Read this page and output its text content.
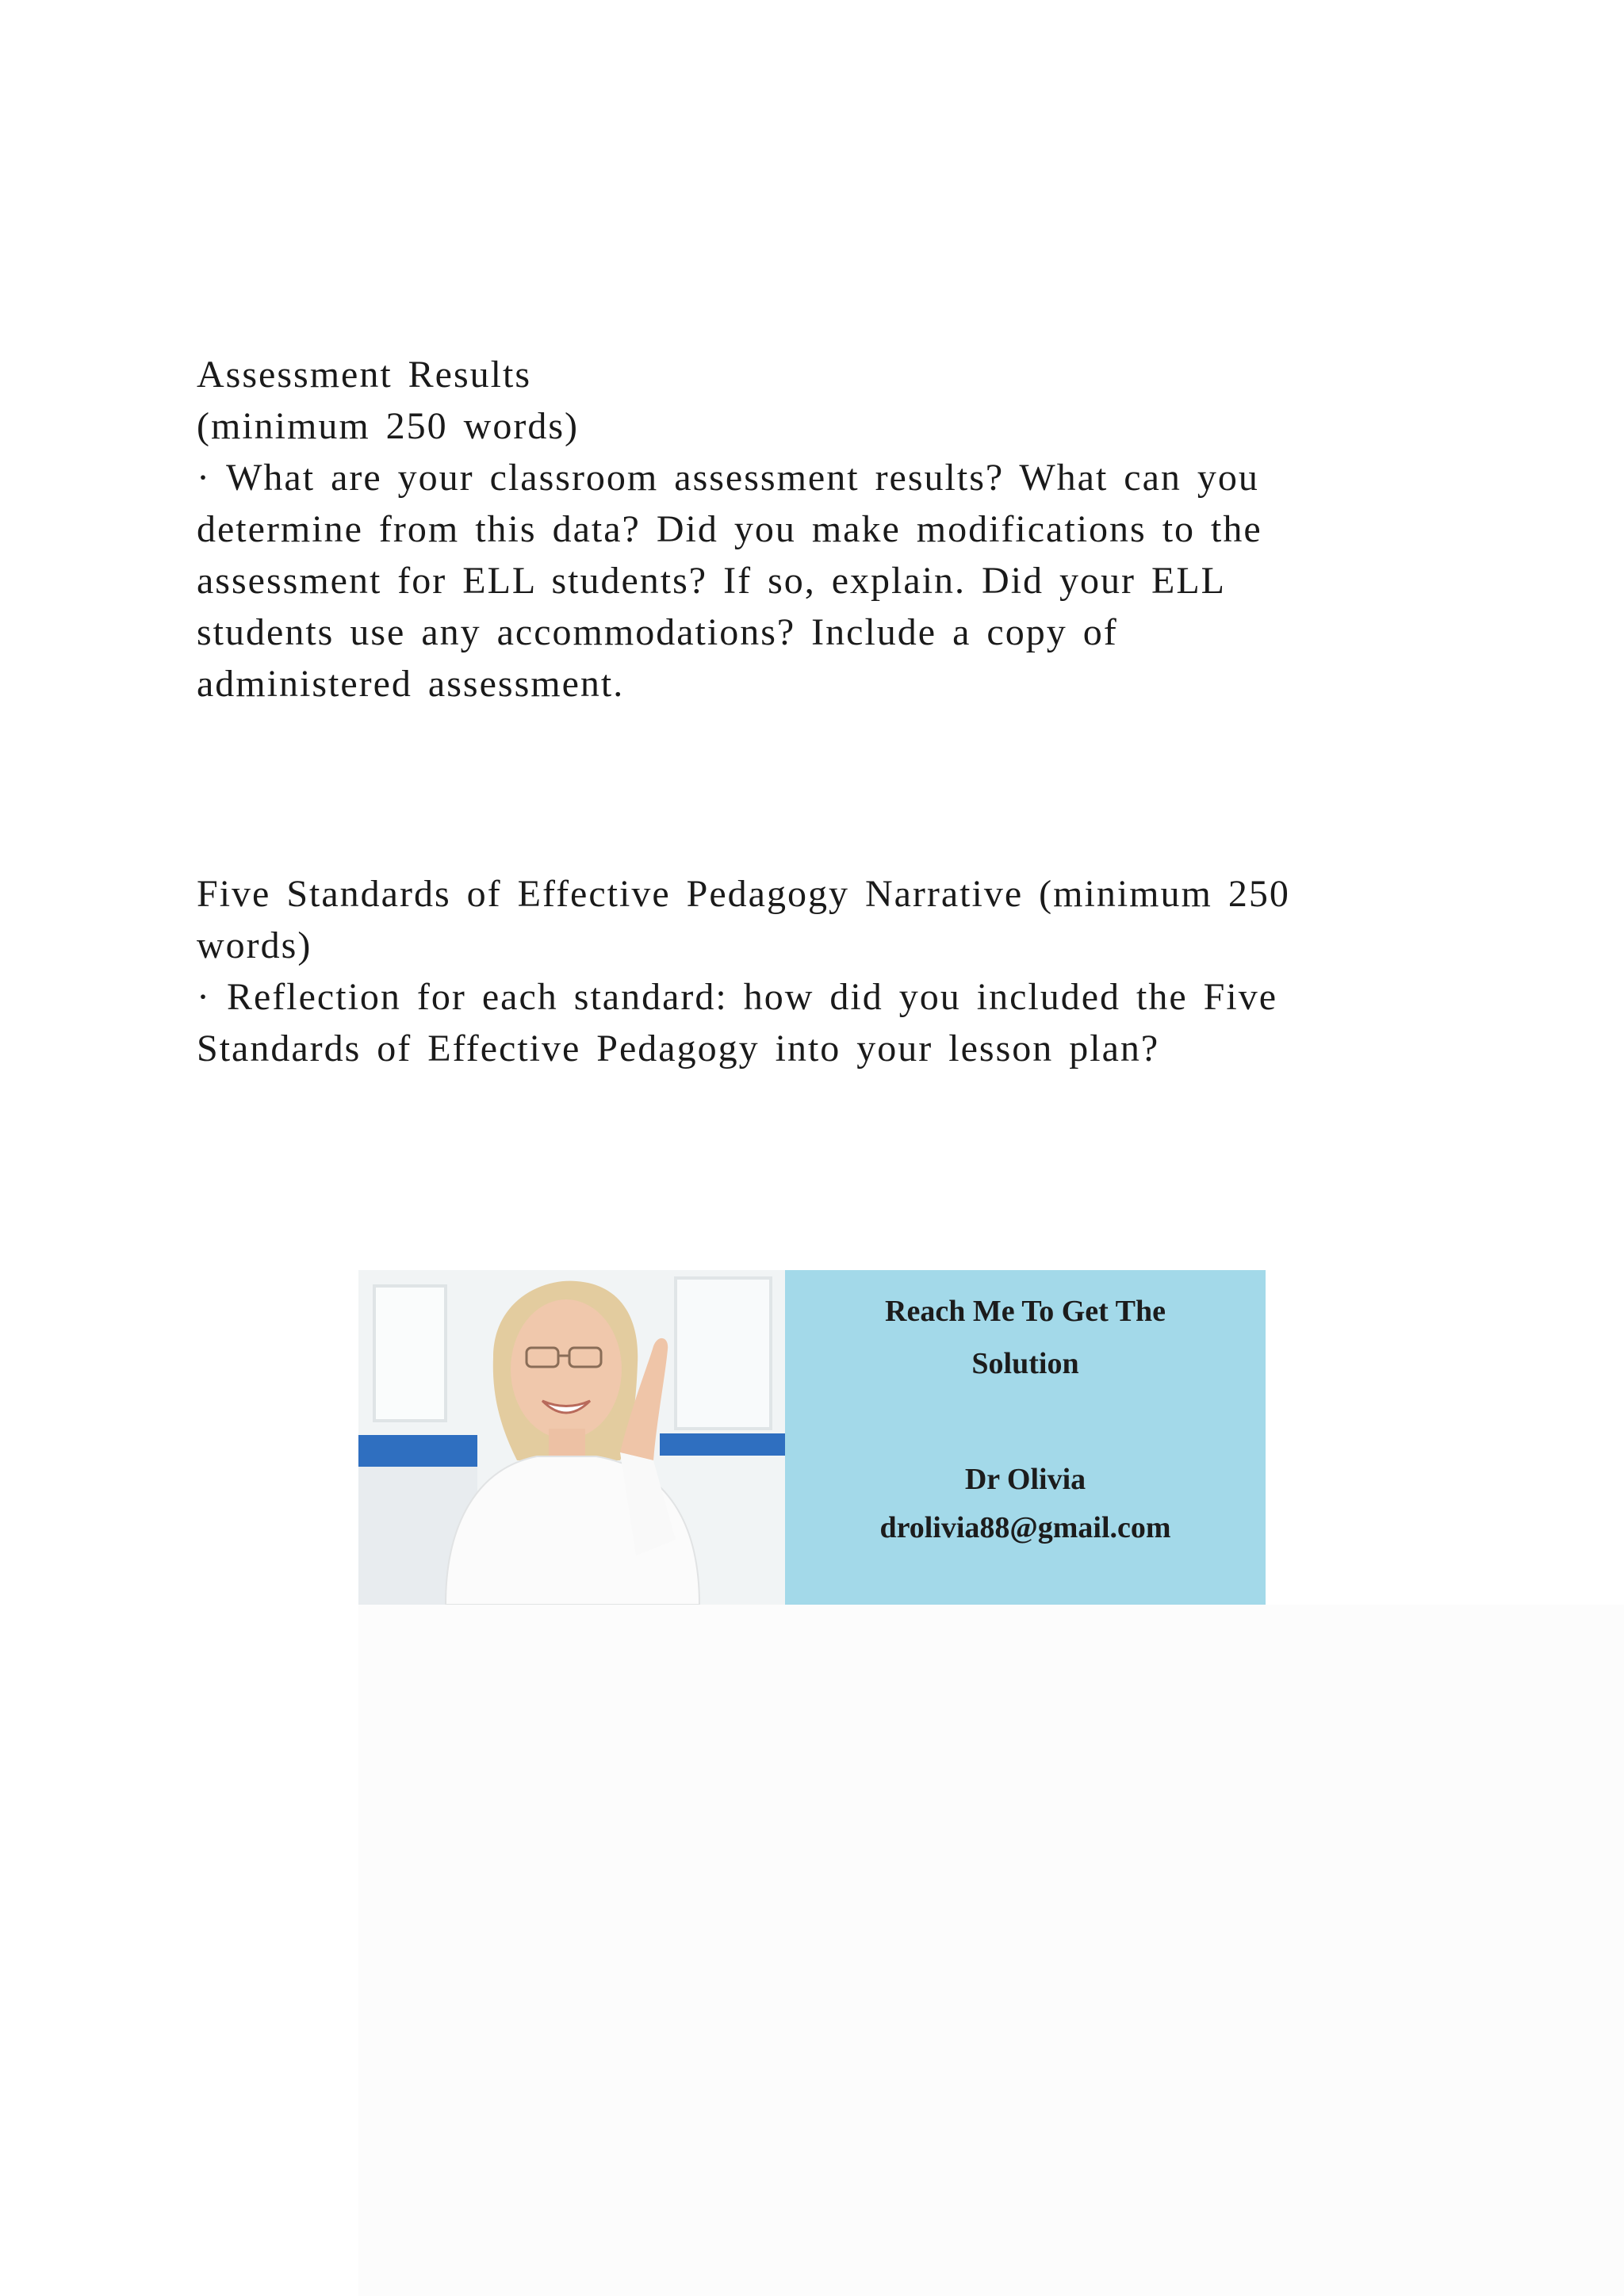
Assessment Results

(minimum 250 words)

· What are your classroom assessment results? What can you

determine from this data? Did you make modifications to the

assessment for ELL students? If so, explain. Did your ELL

students use any accommodations? Include a copy of

administered assessment.

Five Standards of Effective Pedagogy Narrative (minimum 250

words)

· Reflection for each standard: how did you included the Five

Standards of Effective Pedagogy into your lesson plan?

Reach Me To Get The
Solution
Dr Olivia
drolivia88@gmail.com
